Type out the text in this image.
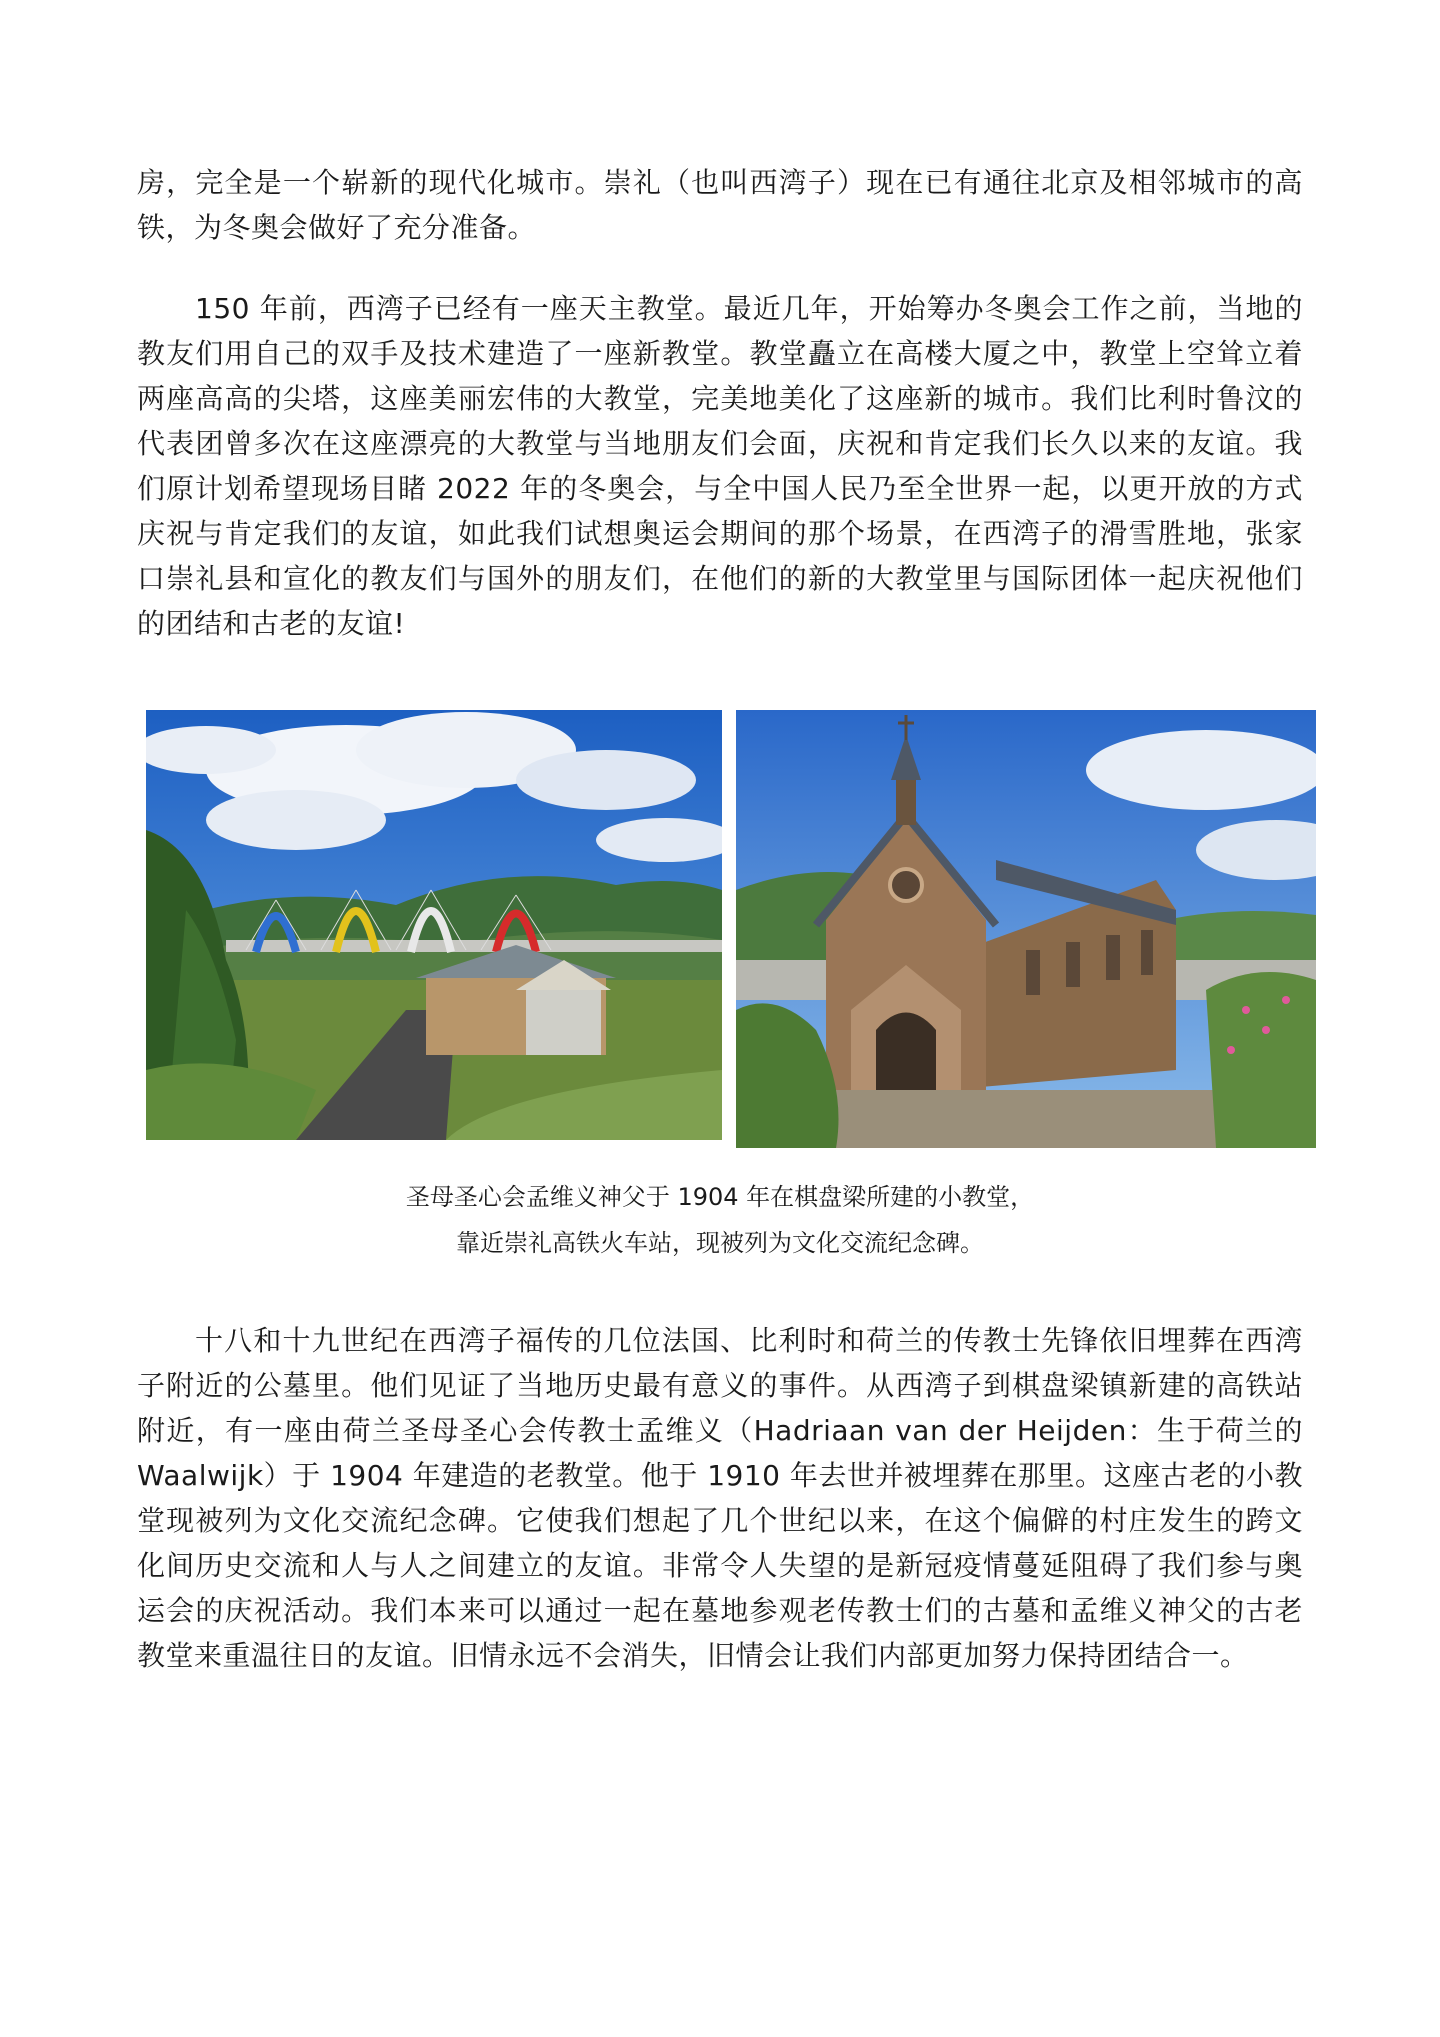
房，完全是一个崭新的现代化城市。崇礼（也叫西湾子）现在已有通往北京及相邻城市的高铁，为冬奥会做好了充分准备。

150 年前，西湾子已经有一座天主教堂。最近几年，开始筹办冬奥会工作之前，当地的教友们用自己的双手及技术建造了一座新教堂。教堂矗立在高楼大厦之中，教堂上空耸立着两座高高的尖塔，这座美丽宏伟的大教堂，完美地美化了这座新的城市。我们比利时鲁汶的代表团曾多次在这座漂亮的大教堂与当地朋友们会面，庆祝和肯定我们长久以来的友谊。我们原计划希望现场目睹 2022 年的冬奥会，与全中国人民乃至全世界一起，以更开放的方式庆祝与肯定我们的友谊，如此我们试想奥运会期间的那个场景，在西湾子的滑雪胜地，张家口崇礼县和宣化的教友们与国外的朋友们，在他们的新的大教堂里与国际团体一起庆祝他们的团结和古老的友谊!

圣母圣心会孟维义神父于 1904 年在棋盘梁所建的小教堂，
靠近崇礼高铁火车站，现被列为文化交流纪念碑。

十八和十九世纪在西湾子福传的几位法国、比利时和荷兰的传教士先锋依旧埋葬在西湾子附近的公墓里。他们见证了当地历史最有意义的事件。从西湾子到棋盘梁镇新建的高铁站附近，有一座由荷兰圣母圣心会传教士孟维义（Hadriaan van der Heijden：生于荷兰的 Waalwijk）于 1904 年建造的老教堂。他于 1910 年去世并被埋葬在那里。这座古老的小教堂现被列为文化交流纪念碑。它使我们想起了几个世纪以来，在这个偏僻的村庄发生的跨文化间历史交流和人与人之间建立的友谊。非常令人失望的是新冠疫情蔓延阻碍了我们参与奥运会的庆祝活动。我们本来可以通过一起在墓地参观老传教士们的古墓和孟维义神父的古老教堂来重温往日的友谊。旧情永远不会消失，旧情会让我们内部更加努力保持团结合一。
